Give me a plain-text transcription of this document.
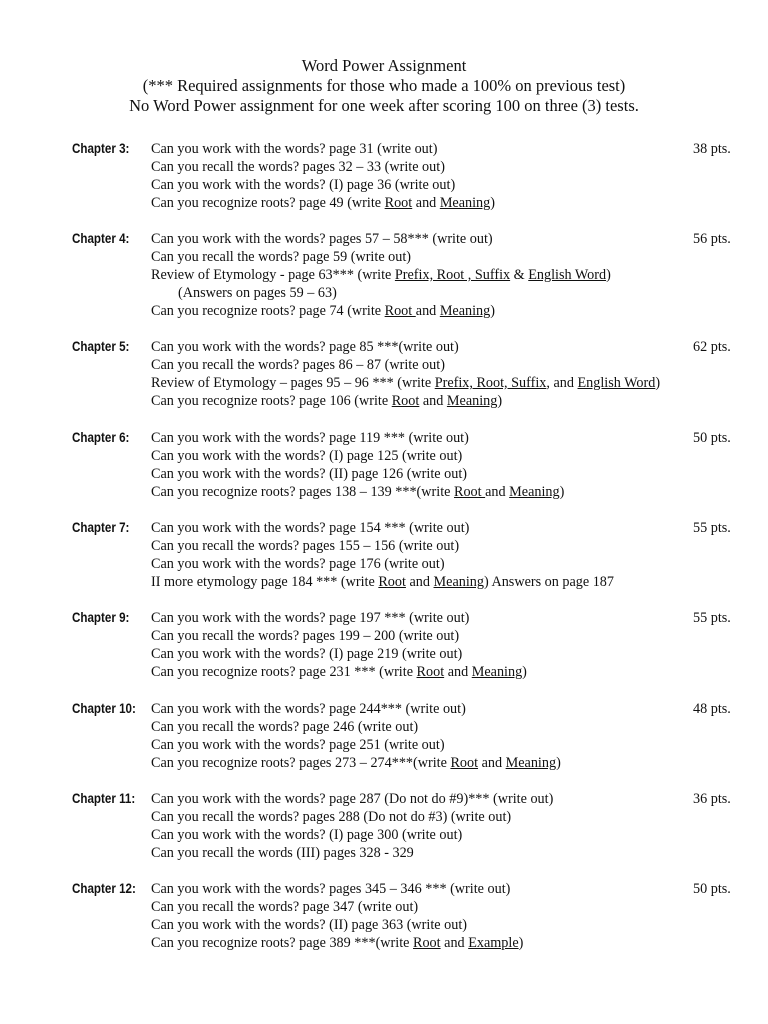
Word Power Assignment
(*** Required assignments for those who made a 100% on previous test)
No Word Power assignment for one week after scoring 100 on three (3) tests.
Chapter 3: Can you work with the words? page 31 (write out)
Can you recall the words? pages 32 – 33 (write out)
Can you work with the words? (I) page 36 (write out)
Can you recognize roots? page 49 (write Root and Meaning)
38 pts.
Chapter 4: Can you work with the words? pages 57 – 58*** (write out)
Can you recall the words? page 59 (write out)
Review of Etymology - page 63*** (write Prefix, Root , Suffix & English Word)
(Answers on pages 59 – 63)
Can you recognize roots? page 74 (write Root and Meaning)
56 pts.
Chapter 5: Can you work with the words? page 85 ***(write out)
Can you recall the words? pages 86 – 87 (write out)
Review of Etymology – pages 95 – 96 *** (write Prefix, Root, Suffix, and English Word)
Can you recognize roots? page 106 (write Root and Meaning)
62 pts.
Chapter 6: Can you work with the words? page 119 *** (write out)
Can you work with the words? (I) page 125 (write out)
Can you work with the words? (II) page 126 (write out)
Can you recognize roots? pages 138 – 139 ***(write Root and Meaning)
50 pts.
Chapter 7: Can you work with the words? page 154 *** (write out)
Can you recall the words? pages 155 – 156 (write out)
Can you work with the words? page 176 (write out)
II more etymology page 184 *** (write Root and Meaning) Answers on page 187
55 pts.
Chapter 9: Can you work with the words? page 197 *** (write out)
Can you recall the words? pages 199 – 200 (write out)
Can you work with the words? (I) page 219 (write out)
Can you recognize roots? page 231 *** (write Root and Meaning)
55 pts.
Chapter 10: Can you work with the words? page 244*** (write out)
Can you recall the words? page 246 (write out)
Can you work with the words? page 251 (write out)
Can you recognize roots? pages 273 – 274***(write Root and Meaning)
48 pts.
Chapter 11: Can you work with the words? page 287 (Do not do #9)*** (write out)
Can you recall the words? pages 288 (Do not do #3) (write out)
Can you work with the words? (I) page 300 (write out)
Can you recall the words (III) pages 328 - 329
36 pts.
Chapter 12: Can you work with the words? pages 345 – 346 *** (write out)
Can you recall the words? page 347 (write out)
Can you work with the words? (II) page 363 (write out)
Can you recognize roots? page 389 ***(write Root and Example)
50 pts.
